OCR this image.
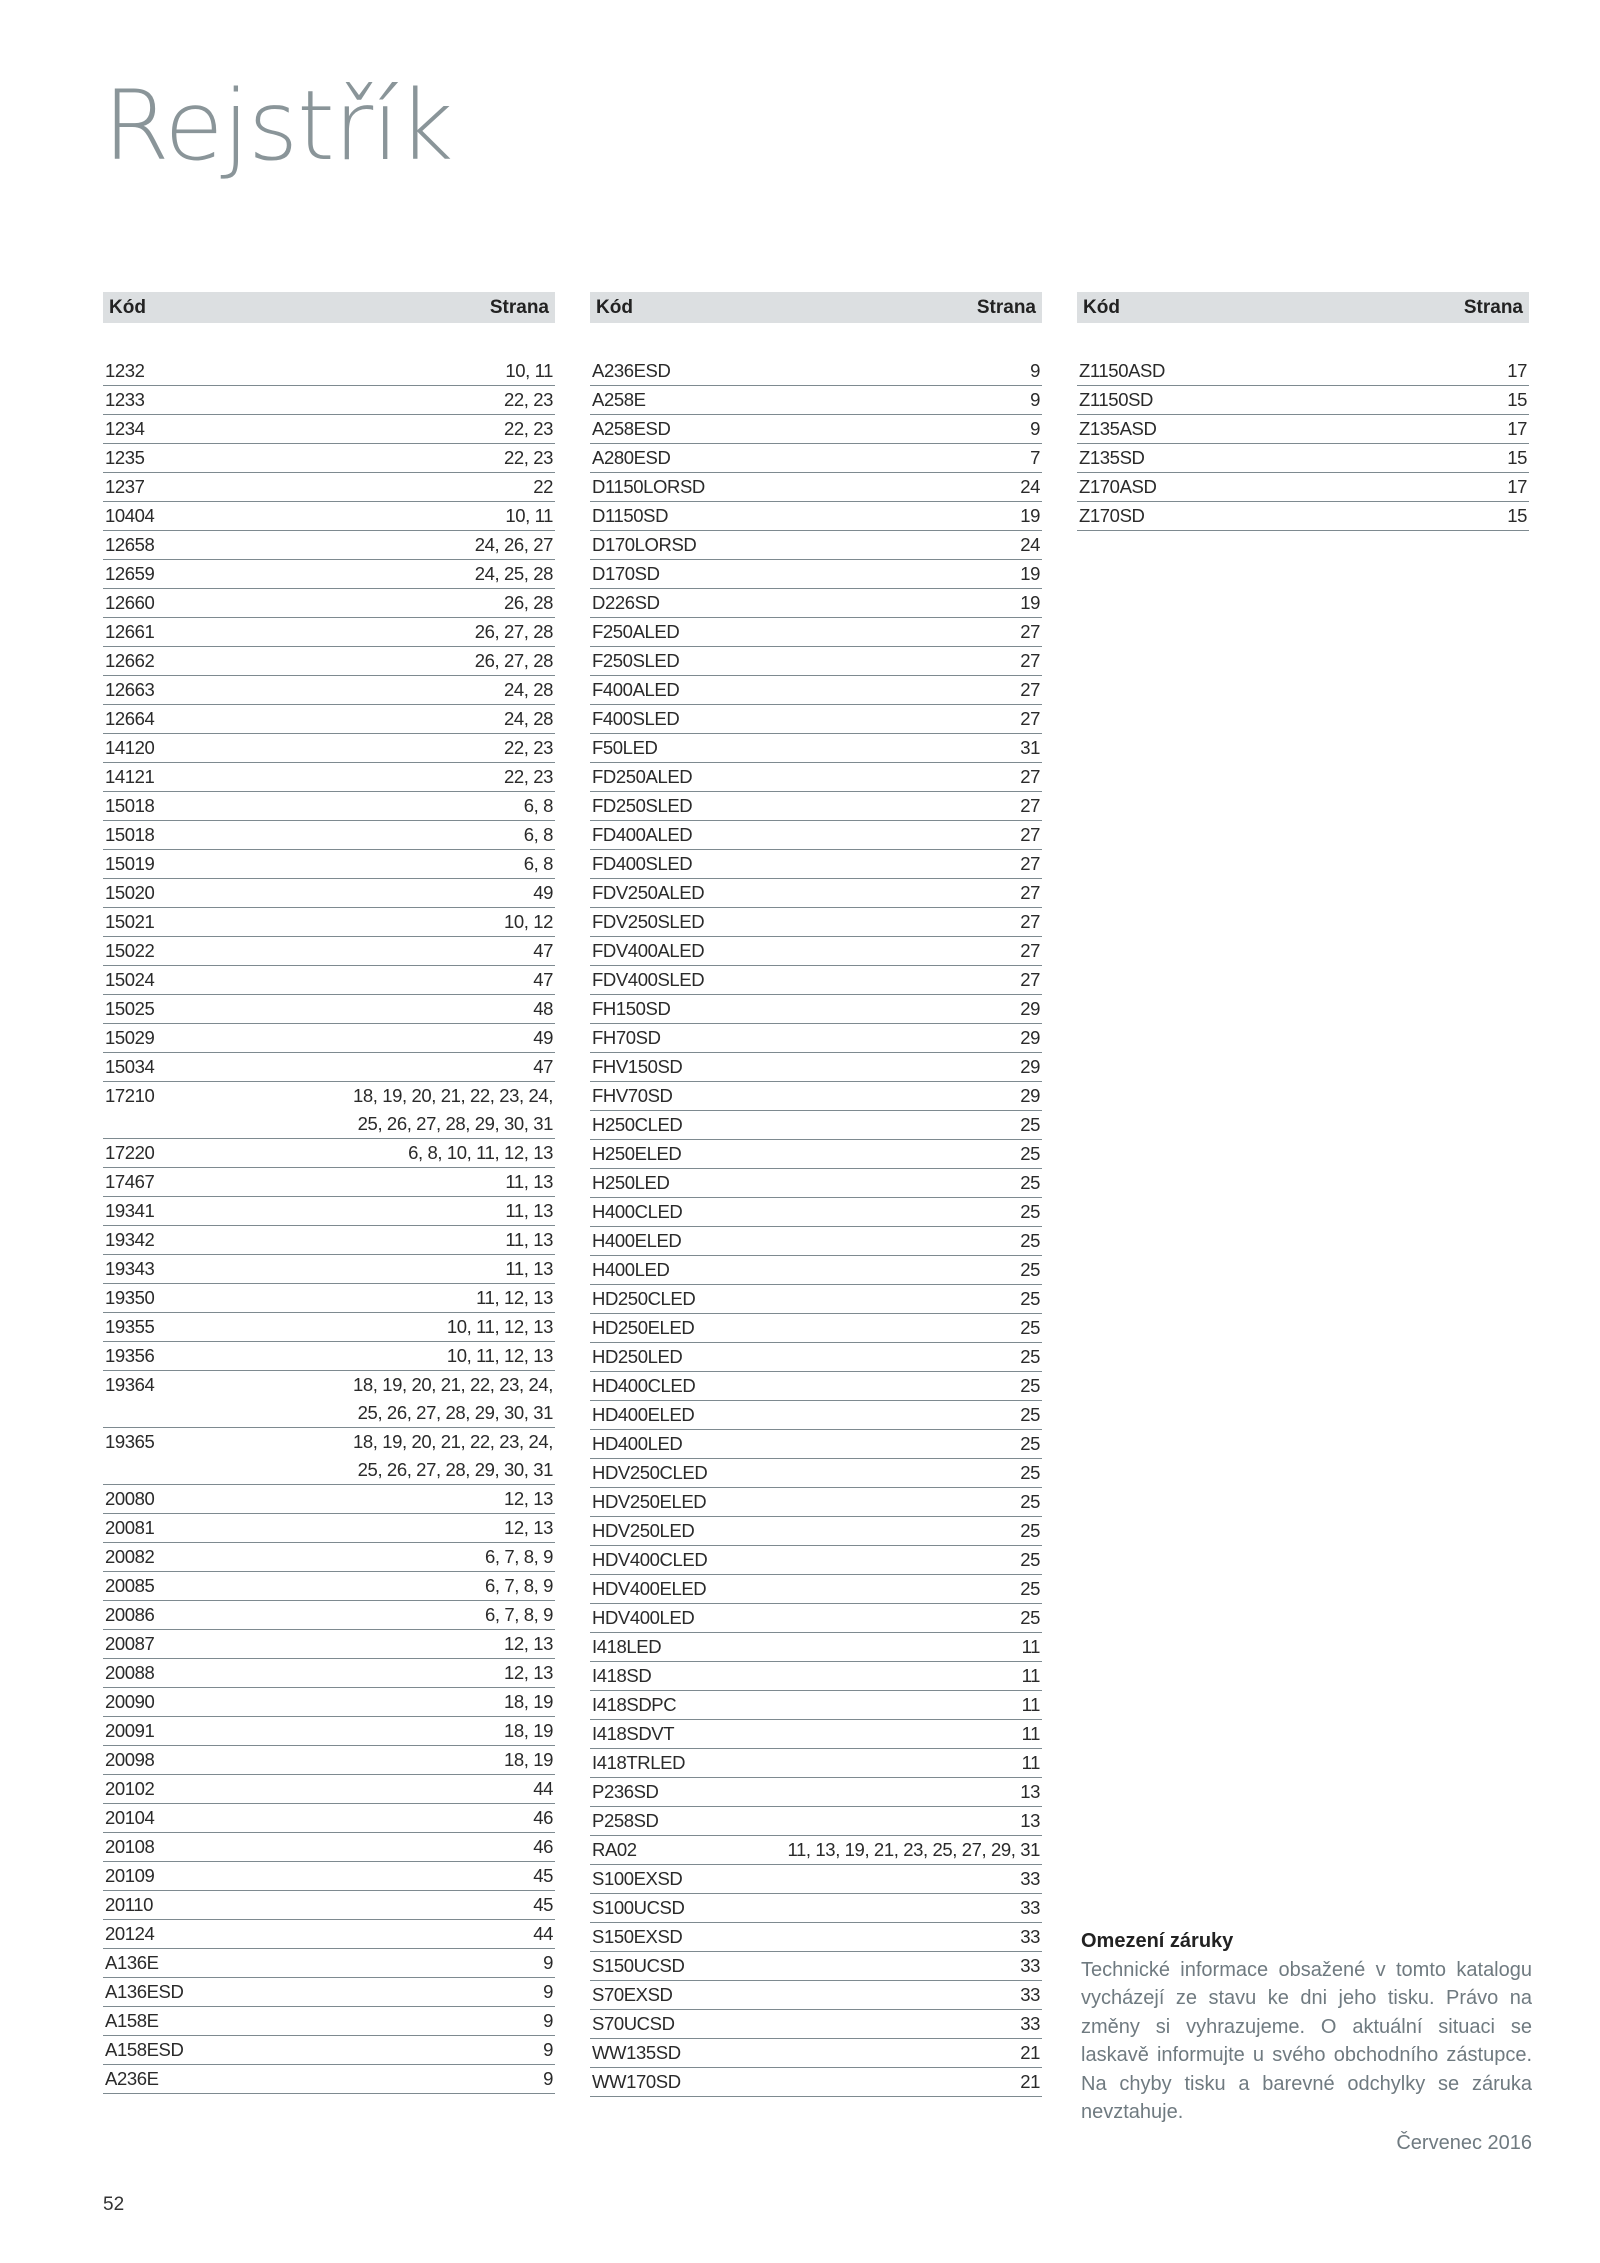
Rejstřík
Kód	Strana
1232	10, 11
1233	22, 23
1234	22, 23
1235	22, 23
1237	22
10404	10, 11
12658	24, 26, 27
12659	24, 25, 28
12660	26, 28
12661	26, 27, 28
12662	26, 27, 28
12663	24, 28
12664	24, 28
14120	22, 23
14121	22, 23
15018	6, 8
15018	6, 8
15019	6, 8
15020	49
15021	10, 12
15022	47
15024	47
15025	48
15029	49
15034	47
17210	18, 19, 20, 21, 22, 23, 24,
25, 26, 27, 28, 29, 30, 31
17220	6, 8, 10, 11, 12, 13
17467	11, 13
19341	11, 13
19342	11, 13
19343	11, 13
19350	11, 12, 13
19355	10, 11, 12, 13
19356	10, 11, 12, 13
19364	18, 19, 20, 21, 22, 23, 24,
25, 26, 27, 28, 29, 30, 31
19365	18, 19, 20, 21, 22, 23, 24,
25, 26, 27, 28, 29, 30, 31
20080	12, 13
20081	12, 13
20082	6, 7, 8, 9
20085	6, 7, 8, 9
20086	6, 7, 8, 9
20087	12, 13
20088	12, 13
20090	18, 19
20091	18, 19
20098	18, 19
20102	44
20104	46
20108	46
20109	45
20110	45
20124	44
A136E	9
A136ESD	9
A158E	9
A158ESD	9
A236E	9
Kód	Strana
A236ESD	9
A258E	9
A258ESD	9
A280ESD	7
D1150LORSD	24
D1150SD	19
D170LORSD	24
D170SD	19
D226SD	19
F250ALED	27
F250SLED	27
F400ALED	27
F400SLED	27
F50LED	31
FD250ALED	27
FD250SLED	27
FD400ALED	27
FD400SLED	27
FDV250ALED	27
FDV250SLED	27
FDV400ALED	27
FDV400SLED	27
FH150SD	29
FH70SD	29
FHV150SD	29
FHV70SD	29
H250CLED	25
H250ELED	25
H250LED	25
H400CLED	25
H400ELED	25
H400LED	25
HD250CLED	25
HD250ELED	25
HD250LED	25
HD400CLED	25
HD400ELED	25
HD400LED	25
HDV250CLED	25
HDV250ELED	25
HDV250LED	25
HDV400CLED	25
HDV400ELED	25
HDV400LED	25
I418LED	11
I418SD	11
I418SDPC	11
I418SDVT	11
I418TRLED	11
P236SD	13
P258SD	13
RA02	11, 13, 19, 21, 23, 25, 27, 29, 31
S100EXSD	33
S100UCSD	33
S150EXSD	33
S150UCSD	33
S70EXSD	33
S70UCSD	33
WW135SD	21
WW170SD	21
Kód	Strana
Z1150ASD	17
Z1150SD	15
Z135ASD	17
Z135SD	15
Z170ASD	17
Z170SD	15
Omezení záruky
Technické informace obsažené v tomto katalogu vycházejí ze stavu ke dni jeho tisku. Právo na změny si vyhrazujeme. O aktuální situaci se laskavě informujte u svého obchodního zástupce. Na chyby tisku a barevné odchylky se záruka nevztahuje.
Červenec 2016
52
